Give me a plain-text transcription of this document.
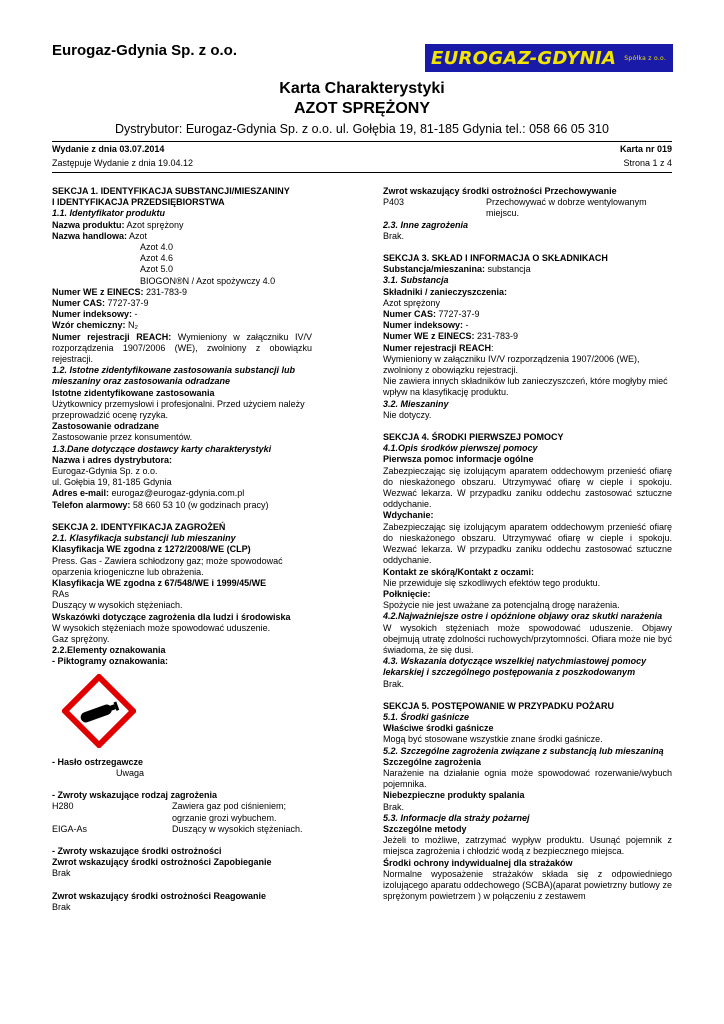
Eurogaz-Gdynia Sp. z o.o.	EUROGAZ-GDYNIA Spółka z o.o.
Karta Charakterystyki
AZOT SPRĘŻONY
Dystrybutor: Eurogaz-Gdynia Sp. z o.o. ul. Gołębia 19, 81-185 Gdynia tel.: 058 66 05 310
Wydanie z dnia 03.07.2014	Karta nr 019
Zastępuje Wydanie z dnia 19.04.12	Strona 1 z 4

SEKCJA 1. IDENTYFIKACJA SUBSTANCJI/MIESZANINY

I IDENTYFIKACJA PRZEDSIĘBIORSTWA

1.1. Identyfikator produktu

Nazwa produktu: Azot sprężony

Nazwa handlowa: Azot

Azot 4.0

Azot 4.6

Azot 5.0

BIOGON®N / Azot spożywczy 4.0

Numer WE z EINECS: 231-783-9

Numer CAS: 7727-37-9

Numer indeksowy: -

Wzór chemiczny: N₂

Numer rejestracji REACH: Wymieniony w załączniku IV/V rozporządzenia 1907/2006 (WE), zwolniony z obowiązku rejestracji.

1.2. Istotne zidentyfikowane zastosowania substancji lub mieszaniny oraz zastosowania odradzane

Istotne zidentyfikowane zastosowania

Użytkownicy przemysłowi i profesjonalni. Przed użyciem należy przeprowadzić ocenę ryzyka.

Zastosowanie odradzane

Zastosowanie przez konsumentów.

1.3.Dane dotyczące dostawcy karty charakterystyki

Nazwa i adres dystrybutora:

Eurogaz-Gdynia Sp. z o.o.

ul. Gołębia 19, 81-185 Gdynia

Adres e-mail: eurogaz@eurogaz-gdynia.com.pl

Telefon alarmowy: 58 660 53 10 (w godzinach pracy)

SEKCJA 2. IDENTYFIKACJA ZAGROŻEŃ

2.1. Klasyfikacja substancji lub mieszaniny

Klasyfikacja WE zgodna z 1272/2008/WE (CLP)

Press. Gas - Zawiera schłodzony gaz; może spowodować oparzenia kriogeniczne lub obrażenia.

Klasyfikacja WE zgodna z 67/548/WE i 1999/45/WE

RAs

Duszący w wysokich stężeniach.

Wskazówki dotyczące zagrożenia dla ludzi i środowiska

W wysokich stężeniach może spowodować uduszenie.

Gaz sprężony.

2.2.Elementy oznakowania

- Piktogramy oznakowania:

- Hasło ostrzegawcze

Uwaga

- Zwroty wskazujące rodzaj zagrożenia

H280	Zawiera gaz pod ciśnieniem; ogrzanie grozi wybuchem.
EIGA-As	Duszący w wysokich stężeniach.

- Zwroty wskazujące środki ostrożności

Zwrot wskazujący środki ostrożności Zapobieganie

Brak

Zwrot wskazujący środki ostrożności Reagowanie

Brak

Zwrot wskazujący środki ostrożności Przechowywanie

P403	Przechowywać w dobrze wentylowanym miejscu.

2.3. Inne zagrożenia

Brak.

SEKCJA 3. SKŁAD I INFORMACJA O SKŁADNIKACH

Substancja/mieszanina: substancja

3.1. Substancja

Składniki / zanieczyszczenia:

Azot sprężony

Numer CAS: 7727-37-9

Numer indeksowy: -

Numer WE z EINECS: 231-783-9

Numer rejestracji REACH:

Wymieniony w załączniku IV/V rozporządzenia 1907/2006 (WE), zwolniony z obowiązku rejestracji.

Nie zawiera innych składników lub zanieczyszczeń, które mogłyby mieć wpływ na klasyfikację produktu.

3.2. Mieszaniny

Nie dotyczy.

SEKCJA 4. ŚRODKI PIERWSZEJ POMOCY

4.1.Opis środków pierwszej pomocy

Pierwsza pomoc informacje ogólne

Zabezpieczając się izolującym aparatem oddechowym przenieść ofiarę do nieskażonego obszaru. Utrzymywać ofiarę w cieple i spokoju. Wezwać lekarza. W przypadku zaniku oddechu zastosować sztuczne oddychanie.

Wdychanie:

Zabezpieczając się izolującym aparatem oddechowym przenieść ofiarę do nieskażonego obszaru. Utrzymywać ofiarę w cieple i spokoju. Wezwać lekarza. W przypadku zaniku oddechu zastosować sztuczne oddychanie.

Kontakt ze skórą/Kontakt z oczami:

Nie przewiduje się szkodliwych efektów tego produktu.

Połknięcie:

Spożycie nie jest uważane za potencjalną drogę narażenia.

4.2.Najważniejsze ostre i opóźnione objawy oraz skutki narażenia

W wysokich stężeniach może spowodować uduszenie. Objawy obejmują utratę zdolności ruchowych/przytomności. Ofiara może nie być świadoma, że się dusi.

4.3. Wskazania dotyczące wszelkiej natychmiastowej pomocy lekarskiej i szczególnego postępowania z poszkodowanym

Brak.

SEKCJA 5. POSTĘPOWANIE W PRZYPADKU POŻARU

5.1. Środki gaśnicze

Właściwe środki gaśnicze

Mogą być stosowane wszystkie znane środki gaśnicze.

5.2. Szczególne zagrożenia związane z substancją lub mieszaniną

Szczególne zagrożenia

Narażenie na działanie ognia może spowodować rozerwanie/wybuch pojemnika.

Niebezpieczne produkty spalania

Brak.

5.3. Informacje dla straży pożarnej

Szczególne metody

Jeżeli to możliwe, zatrzymać wypływ produktu. Usunąć pojemnik z miejsca zagrożenia i chłodzić wodą z bezpiecznego miejsca.

Środki ochrony indywidualnej dla strażaków

Normalne wyposażenie strażaków składa się z odpowiedniego izolującego aparatu oddechowego (SCBA)(aparat powietrzny butlowy ze sprężonym powietrzem ) w połączeniu z zestawem
